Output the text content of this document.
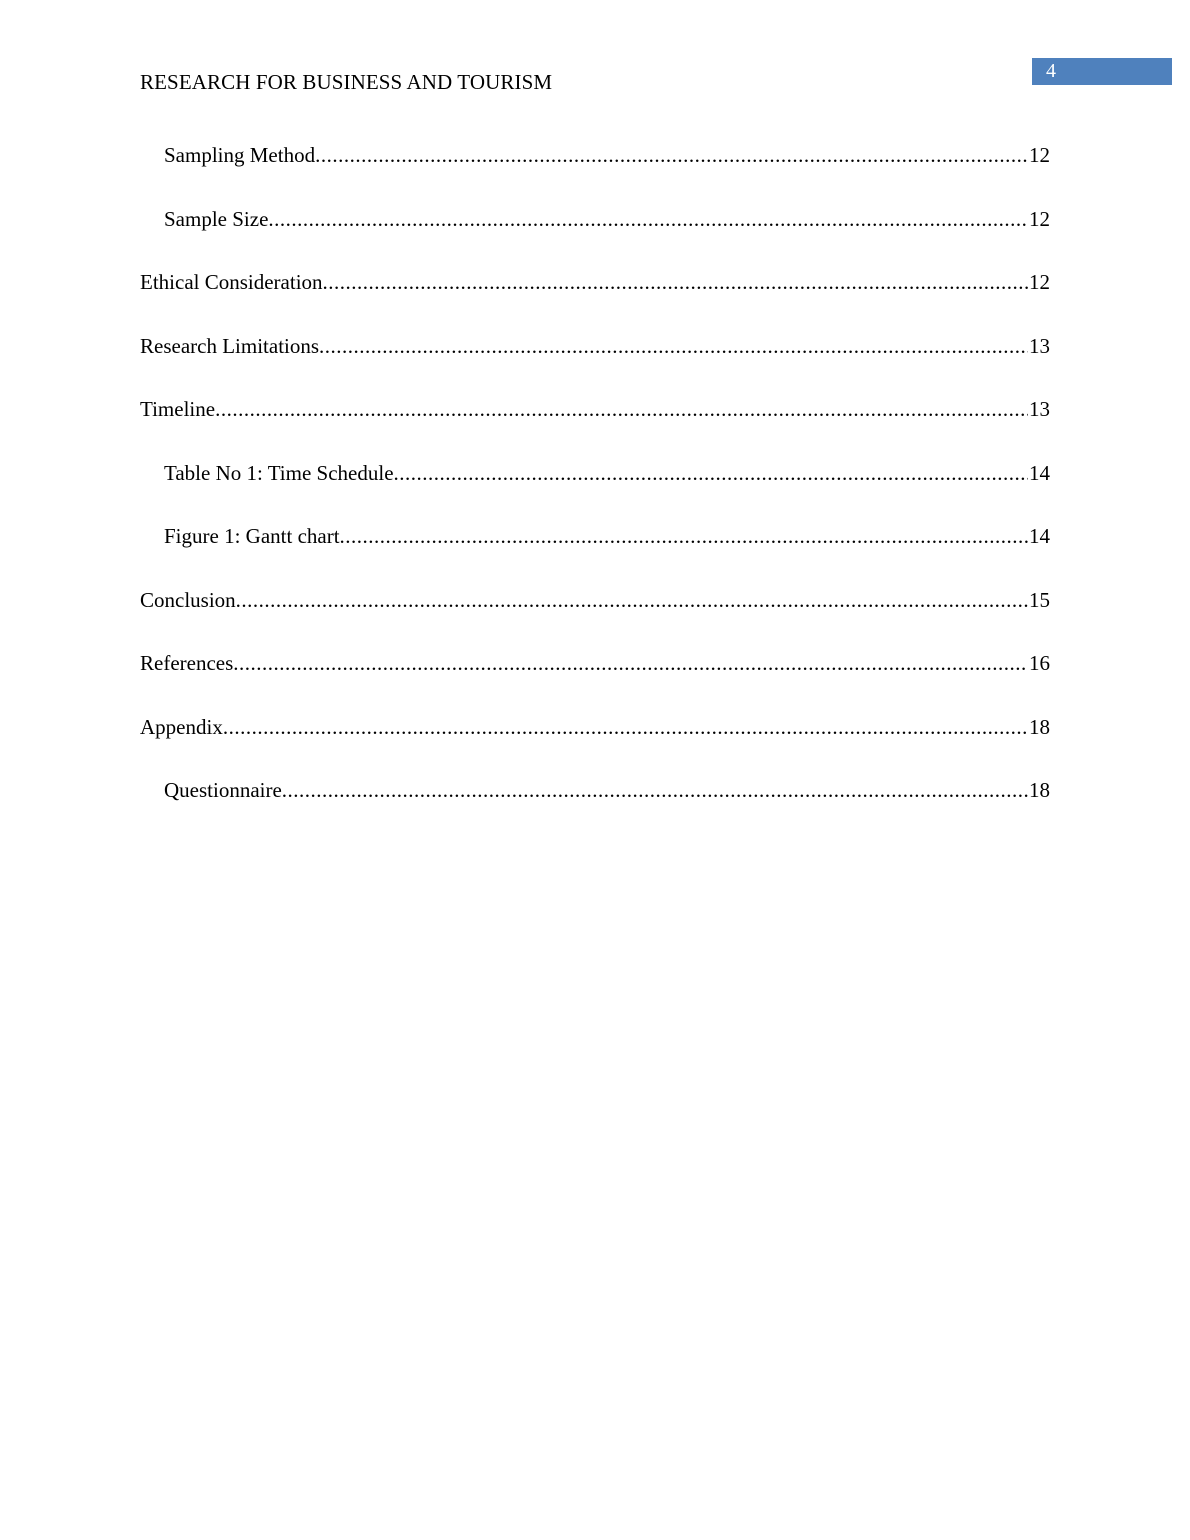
RESEARCH FOR BUSINESS AND TOURISM	4
Sampling Method .....	12
Sample Size .....	12
Ethical Consideration .....	12
Research Limitations .....	13
Timeline .....	13
Table No 1: Time Schedule .....	14
Figure 1: Gantt chart .....	14
Conclusion .....	15
References .....	16
Appendix .....	18
Questionnaire .....	18
